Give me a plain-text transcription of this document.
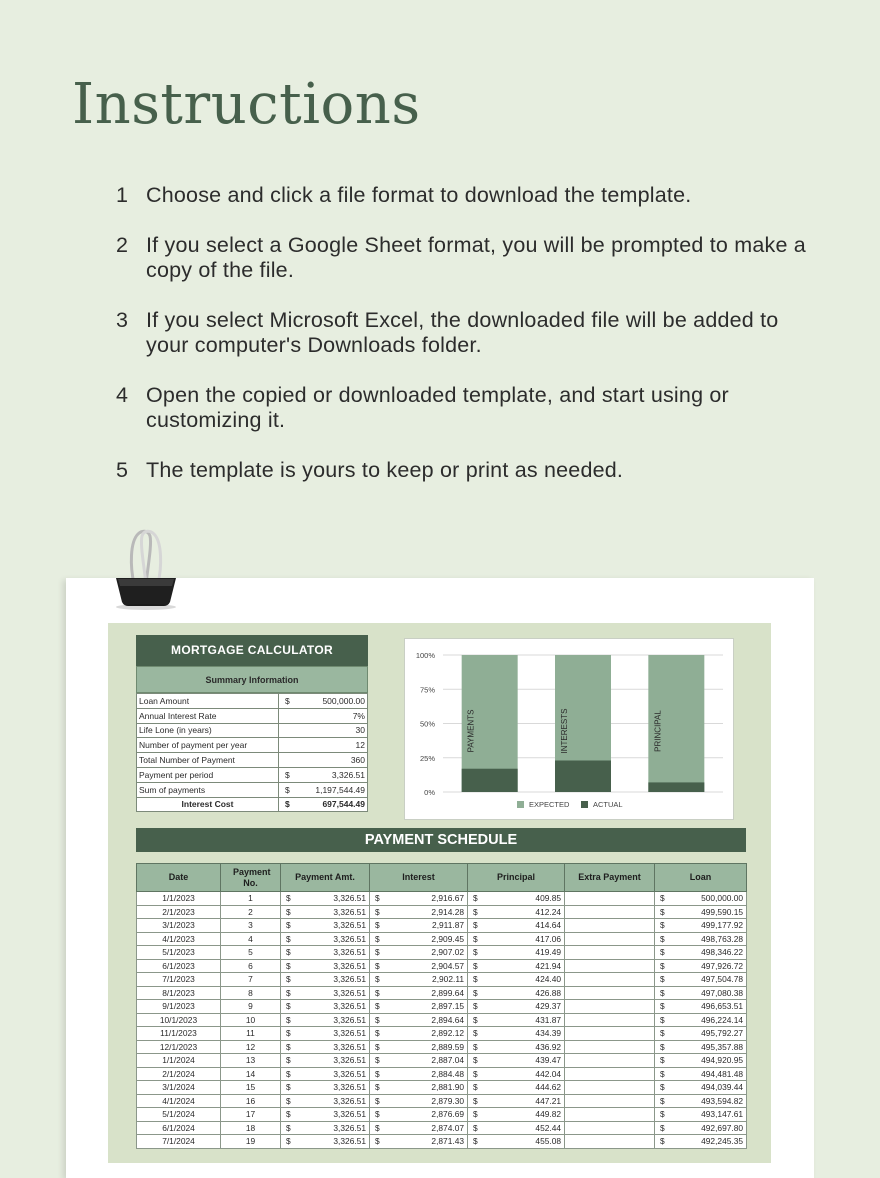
Instructions
1 Choose and click a file format to download the template.
2 If you select a Google Sheet format, you will be prompted to make a copy of the file.
3 If you select Microsoft Excel, the downloaded file will be added to your computer's Downloads folder.
4 Open the copied or downloaded template, and start using or customizing it.
5 The template is yours to keep or print as needed.
MORTGAGE CALCULATOR
Summary Information
Loan Amount	$	500,000.00
Annual Interest Rate		7%
Life Lone (in years)		30
Number of payment per year		12
Total Number of Payment		360
Payment per period	$	3,326.51
Sum of payments	$	1,197,544.49
Interest Cost	$	697,544.49
0%
25%
50%
75%
100%
PAYMENTS	INTERESTS	PRINCIPAL
EXPECTED	ACTUAL
PAYMENT SCHEDULE
Date	Payment No.	Payment Amt.		Interest		Principal		Extra Payment	Loan	
1/1/2023	1	$	3,326.51	$	2,916.67	$	409.85		$	500,000.00
2/1/2023	2	$	3,326.51	$	2,914.28	$	412.24		$	499,590.15
3/1/2023	3	$	3,326.51	$	2,911.87	$	414.64		$	499,177.92
4/1/2023	4	$	3,326.51	$	2,909.45	$	417.06		$	498,763.28
5/1/2023	5	$	3,326.51	$	2,907.02	$	419.49		$	498,346.22
6/1/2023	6	$	3,326.51	$	2,904.57	$	421.94		$	497,926.72
7/1/2023	7	$	3,326.51	$	2,902.11	$	424.40		$	497,504.78
8/1/2023	8	$	3,326.51	$	2,899.64	$	426.88		$	497,080.38
9/1/2023	9	$	3,326.51	$	2,897.15	$	429.37		$	496,653.51
10/1/2023	10	$	3,326.51	$	2,894.64	$	431.87		$	496,224.14
11/1/2023	11	$	3,326.51	$	2,892.12	$	434.39		$	495,792.27
12/1/2023	12	$	3,326.51	$	2,889.59	$	436.92		$	495,357.88
1/1/2024	13	$	3,326.51	$	2,887.04	$	439.47		$	494,920.95
2/1/2024	14	$	3,326.51	$	2,884.48	$	442.04		$	494,481.48
3/1/2024	15	$	3,326.51	$	2,881.90	$	444.62		$	494,039.44
4/1/2024	16	$	3,326.51	$	2,879.30	$	447.21		$	493,594.82
5/1/2024	17	$	3,326.51	$	2,876.69	$	449.82		$	493,147.61
6/1/2024	18	$	3,326.51	$	2,874.07	$	452.44		$	492,697.80
7/1/2024	19	$	3,326.51	$	2,871.43	$	455.08		$	492,245.35
